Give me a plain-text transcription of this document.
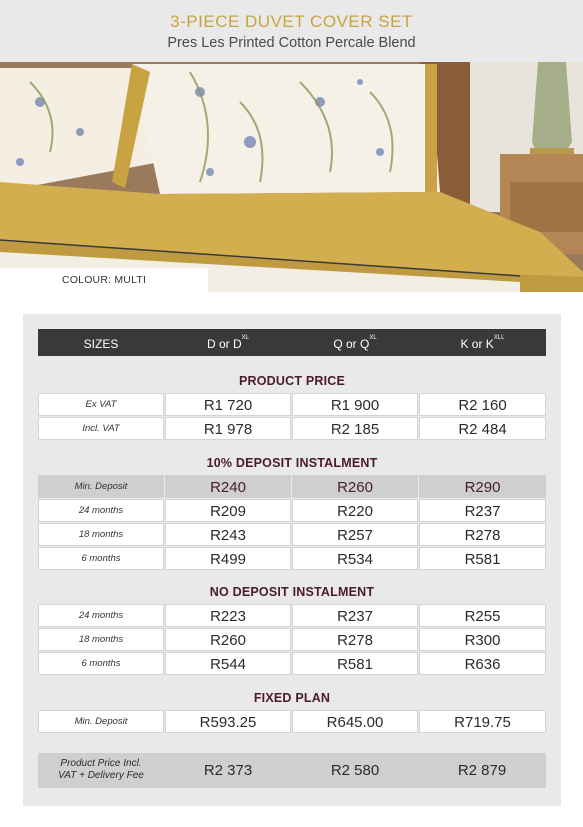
3-PIECE DUVET COVER SET
Pres Les Printed Cotton Percale Blend
COLOUR: MULTI
SIZES	D or $D^{XL}$	Q or $Q^{XL}$	K or $K^{XLL}$
PRODUCT PRICE
Ex VAT	R1 720	R1 900	R2 160
Incl. VAT	R1 978	R2 185	R2 484
10% DEPOSIT INSTALMENT
Min. Deposit	R240	R260	R290
24 months	R209	R220	R237
18 months	R243	R257	R278
6 months	R499	R534	R581
NO DEPOSIT INSTALMENT
24 months	R223	R237	R255
18 months	R260	R278	R300
6 months	R544	R581	R636
FIXED PLAN
Min. Deposit	R593.25	R645.00	R719.75
Product Price Incl.
VAT + Delivery Fee	R2 373	R2 580	R2 879
